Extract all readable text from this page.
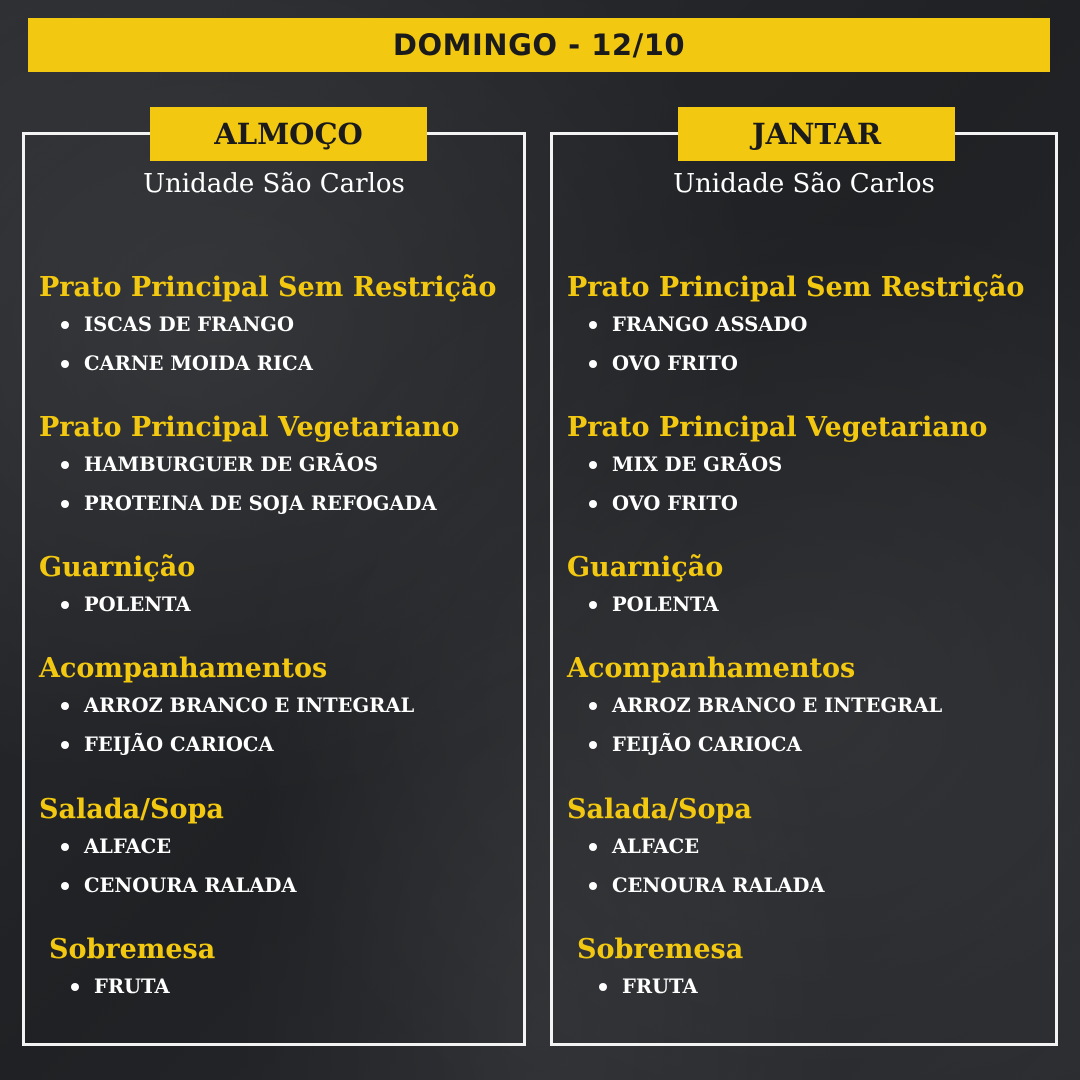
DOMINGO - 12/10
ALMOÇO
Unidade São Carlos
Prato Principal Sem Restrição
ISCAS DE FRANGO
CARNE MOIDA RICA
Prato Principal Vegetariano
HAMBURGUER DE GRÃOS
PROTEINA DE SOJA REFOGADA
Guarnição
POLENTA
Acompanhamentos
ARROZ BRANCO E INTEGRAL
FEIJÃO CARIOCA
Salada/Sopa
ALFACE
CENOURA RALADA
Sobremesa
FRUTA
JANTAR
Unidade São Carlos
Prato Principal Sem Restrição
FRANGO ASSADO
OVO FRITO
Prato Principal Vegetariano
MIX DE GRÃOS
OVO FRITO
Guarnição
POLENTA
Acompanhamentos
ARROZ BRANCO E INTEGRAL
FEIJÃO CARIOCA
Salada/Sopa
ALFACE
CENOURA RALADA
Sobremesa
FRUTA
